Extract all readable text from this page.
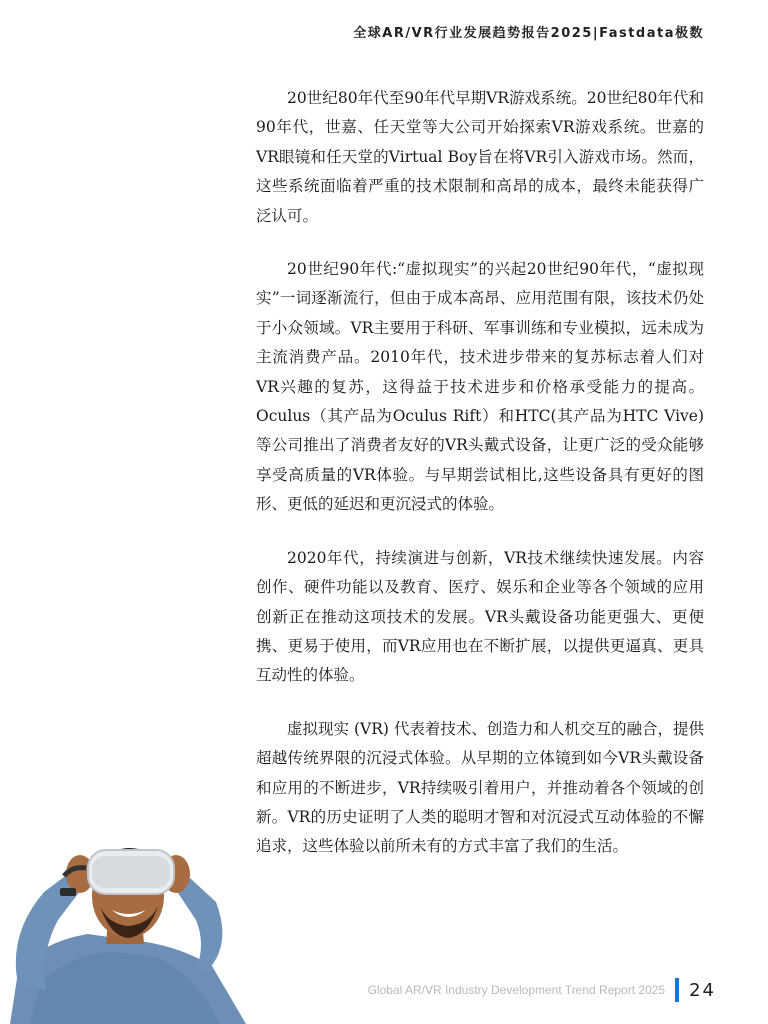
全球AR/VR行业发展趋势报告2025|Fastdata极数

20世纪80年代至90年代早期VR游戏系统。20世纪80年代和90年代，世嘉、任天堂等大公司开始探索VR游戏系统。世嘉的VR眼镜和任天堂的Virtual Boy旨在将VR引入游戏市场。然而，这些系统面临着严重的技术限制和高昂的成本，最终未能获得广泛认可。

20世纪90年代:“虚拟现实”的兴起20世纪90年代，“虚拟现实”一词逐渐流行，但由于成本高昂、应用范围有限，该技术仍处于小众领域。VR主要用于科研、军事训练和专业模拟，远未成为主流消费产品。2010年代，技术进步带来的复苏标志着人们对VR兴趣的复苏，这得益于技术进步和价格承受能力的提高。Oculus（其产品为Oculus Rift）和HTC(其产品为HTC Vive)等公司推出了消费者友好的VR头戴式设备，让更广泛的受众能够享受高质量的VR体验。与早期尝试相比,这些设备具有更好的图形、更低的延迟和更沉浸式的体验。

2020年代，持续演进与创新，VR技术继续快速发展。内容创作、硬件功能以及教育、医疗、娱乐和企业等各个领域的应用创新正在推动这项技术的发展。VR头戴设备功能更强大、更便携、更易于使用，而VR应用也在不断扩展，以提供更逼真、更具互动性的体验。

虚拟现实 (VR) 代表着技术、创造力和人机交互的融合，提供超越传统界限的沉浸式体验。从早期的立体镜到如今VR头戴设备和应用的不断进步，VR持续吸引着用户，并推动着各个领域的创新。VR的历史证明了人类的聪明才智和对沉浸式互动体验的不懈追求，这些体验以前所未有的方式丰富了我们的生活。

Global AR/VR Industry Development Trend Report 2025 24
